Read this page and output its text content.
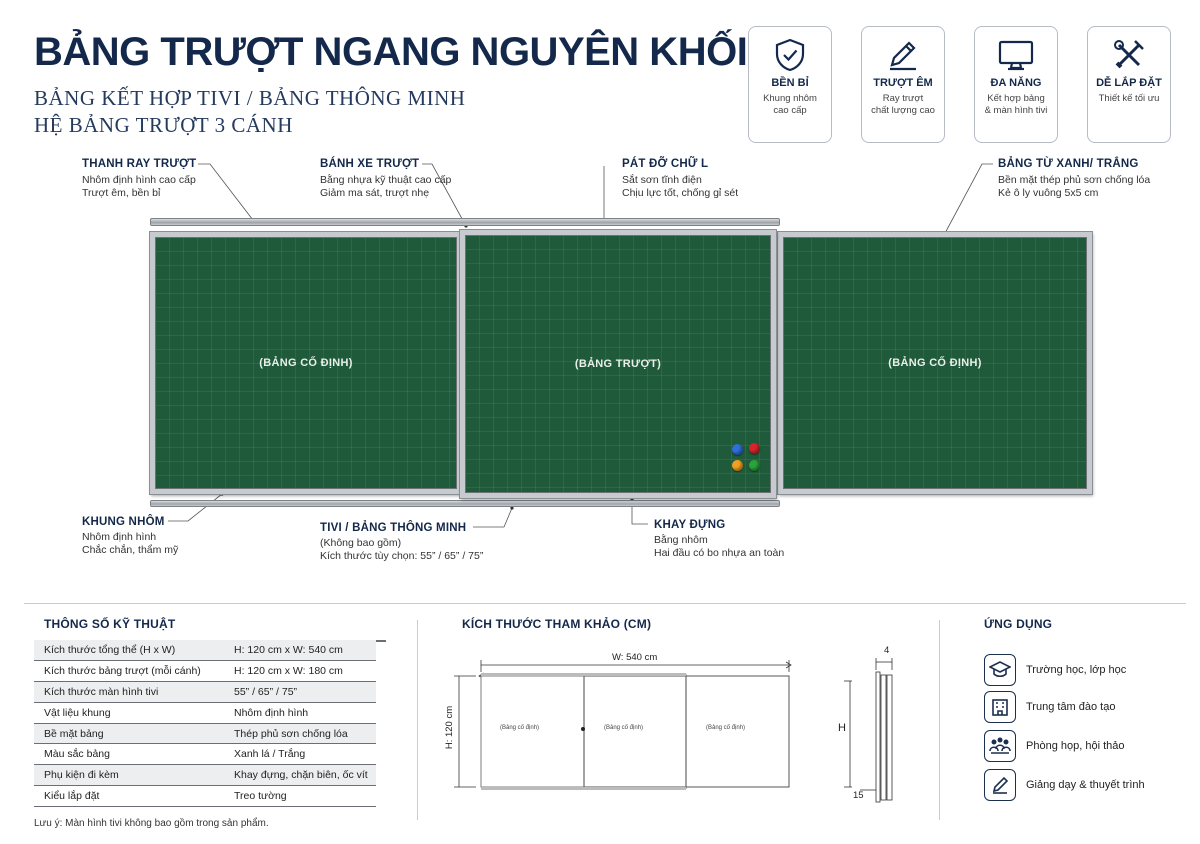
BẢNG TRƯỢT NGANG NGUYÊN KHỐI
BẢNG KẾT HỢP TIVI / BẢNG THÔNG MINH
HỆ BẢNG TRƯỢT 3 CÁNH
BỀN BỈ
Khung nhôm
cao cấp
TRƯỢT ÊM
Ray trượt
chất lượng cao
ĐA NĂNG
Kết hợp bảng
& màn hình tivi
DỄ LẮP ĐẶT
Thiết kế tối ưu
THANH RAY TRƯỢT
Nhôm định hình cao cấp
Trượt êm, bền bỉ
BÁNH XE TRƯỢT
Bằng nhựa kỹ thuật cao cấp
Giảm ma sát, trượt nhẹ
PÁT ĐỠ CHỮ L
Sắt sơn tĩnh điện
Chịu lực tốt, chống gỉ sét
BẢNG TỪ XANH/ TRẮNG
Bền mặt thép phủ sơn chống lóa
Kẻ ô ly vuông 5x5 cm
KHUNG NHÔM
Nhôm định hình
Chắc chắn, thẩm mỹ
TIVI / BẢNG THÔNG MINH
(Không bao gồm)
Kích thước tùy chọn: 55” / 65” / 75”
KHAY ĐỰNG
Bằng nhôm
Hai đầu có bo nhựa an toàn
(BẢNG CỐ ĐỊNH)	(BẢNG CỐ ĐỊNH)
(BẢNG TRƯỢT)
THÔNG SỐ KỸ THUẬT
Kích thước tổng thể (H x W)	H: 120 cm x W: 540 cm
Kích thước bảng trượt (mỗi cánh)	H: 120 cm x W: 180 cm
Kích thước màn hình tivi	55” / 65” / 75”
Vật liệu khung	Nhôm định hình
Bề mặt bảng	Thép phủ sơn chống lóa
Màu sắc bảng	Xanh lá / Trắng
Phụ kiện đi kèm	Khay đựng, chặn biên, ốc vít
Kiểu lắp đặt	Treo tường
Lưu ý: Màn hình tivi không bao gồm trong sản phẩm.
KÍCH THƯỚC THAM KHẢO (CM)
W: 540 cm
H: 120 cm	(Bảng cố định)	(Bảng cố định)	(Bảng cố định)
4
H
15
ỨNG DỤNG
Trường học, lớp học
Trung tâm đào tạo
Phòng họp, hội thảo
Giảng dạy & thuyết trình
